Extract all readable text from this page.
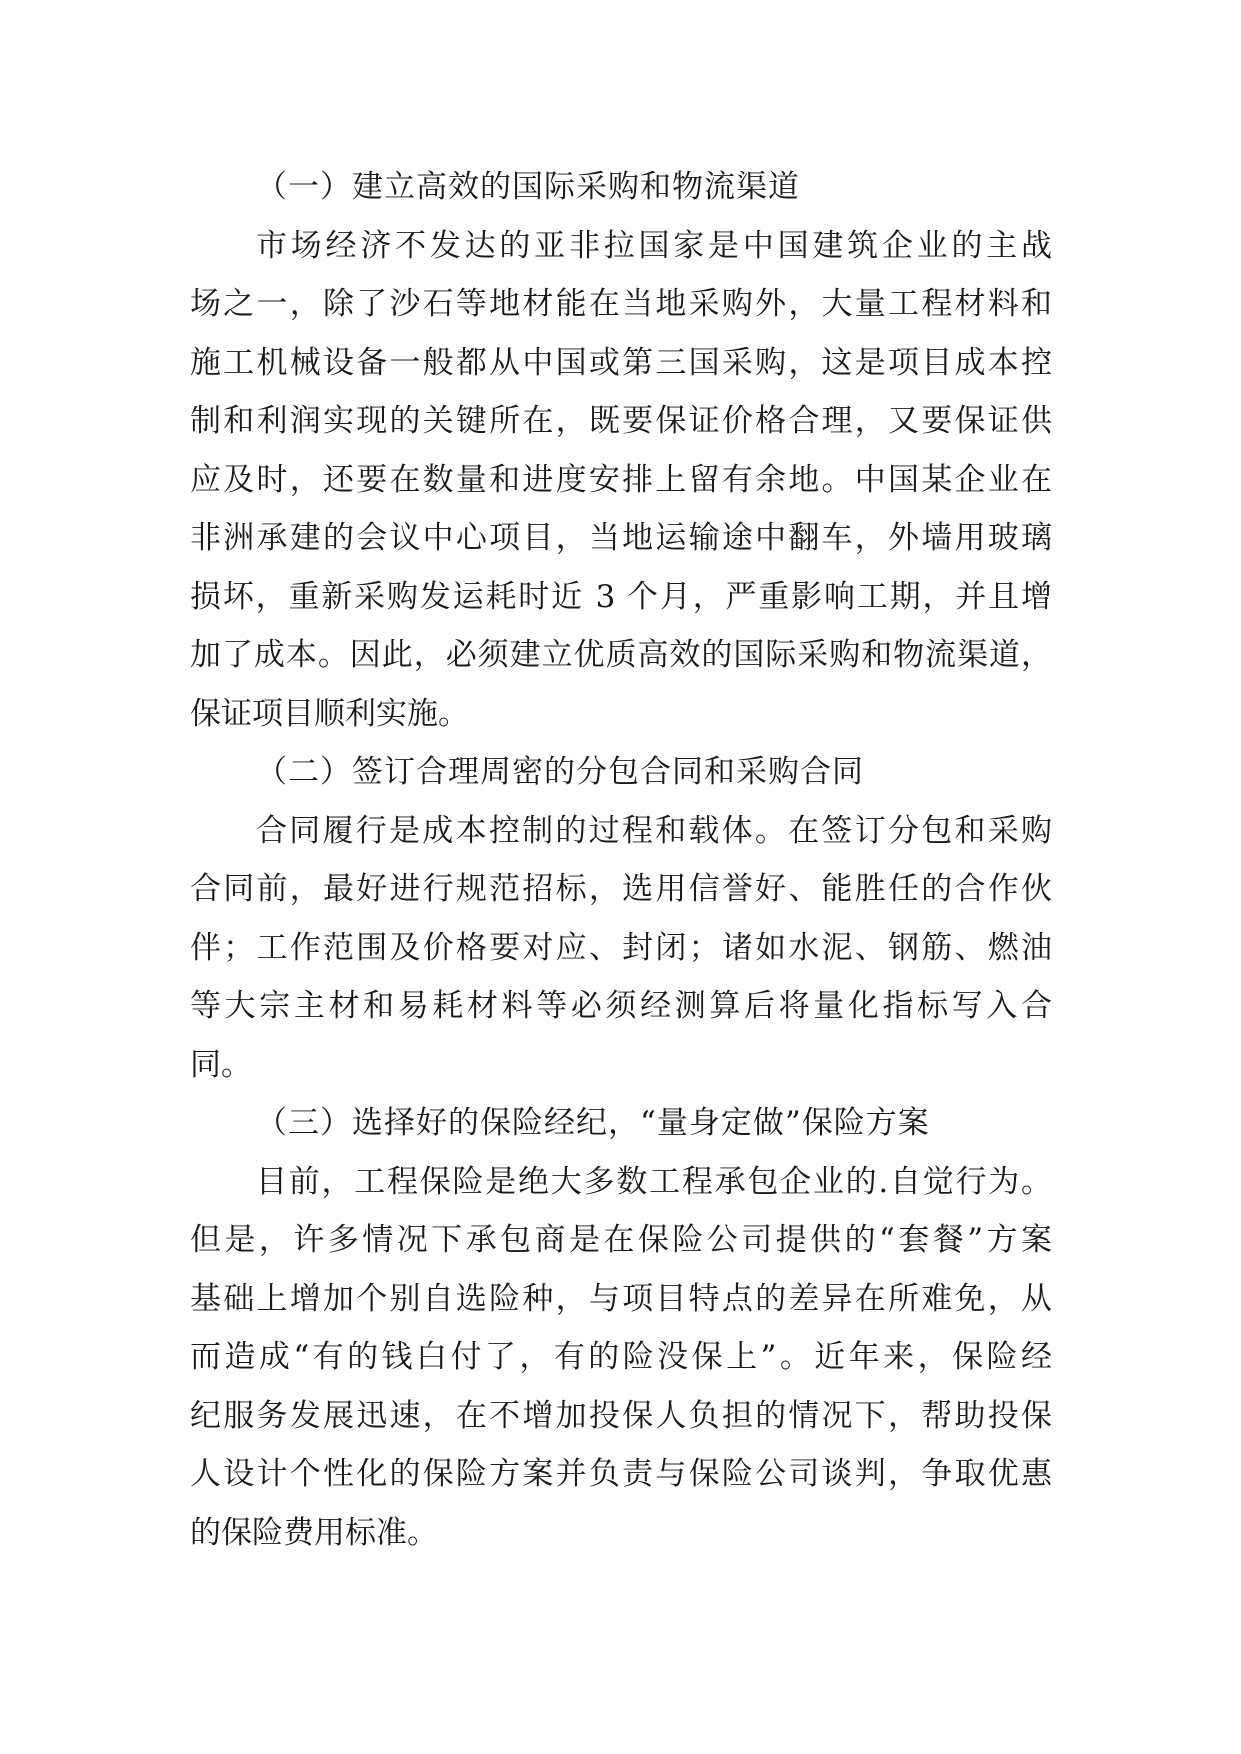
（一）建立高效的国际采购和物流渠道
市场经济不发达的亚非拉国家是中国建筑企业的主战
场之一，除了沙石等地材能在当地采购外，大量工程材料和
施工机械设备一般都从中国或第三国采购，这是项目成本控
制和利润实现的关键所在，既要保证价格合理，又要保证供
应及时，还要在数量和进度安排上留有余地。中国某企业在
非洲承建的会议中心项目，当地运输途中翻车，外墙用玻璃
损坏，重新采购发运耗时近 3 个月，严重影响工期，并且增
加了成本。因此，必须建立优质高效的国际采购和物流渠道，
保证项目顺利实施。
（二）签订合理周密的分包合同和采购合同
合同履行是成本控制的过程和载体。在签订分包和采购
合同前，最好进行规范招标，选用信誉好、能胜任的合作伙
伴；工作范围及价格要对应、封闭；诸如水泥、钢筋、燃油
等大宗主材和易耗材料等必须经测算后将量化指标写入合
同。
（三）选择好的保险经纪，“量身定做”保险方案
目前，工程保险是绝大多数工程承包企业的.自觉行为。
但是，许多情况下承包商是在保险公司提供的“套餐”方案
基础上增加个别自选险种，与项目特点的差异在所难免，从
而造成“有的钱白付了，有的险没保上”。近年来，保险经
纪服务发展迅速，在不增加投保人负担的情况下，帮助投保
人设计个性化的保险方案并负责与保险公司谈判，争取优惠
的保险费用标准。
